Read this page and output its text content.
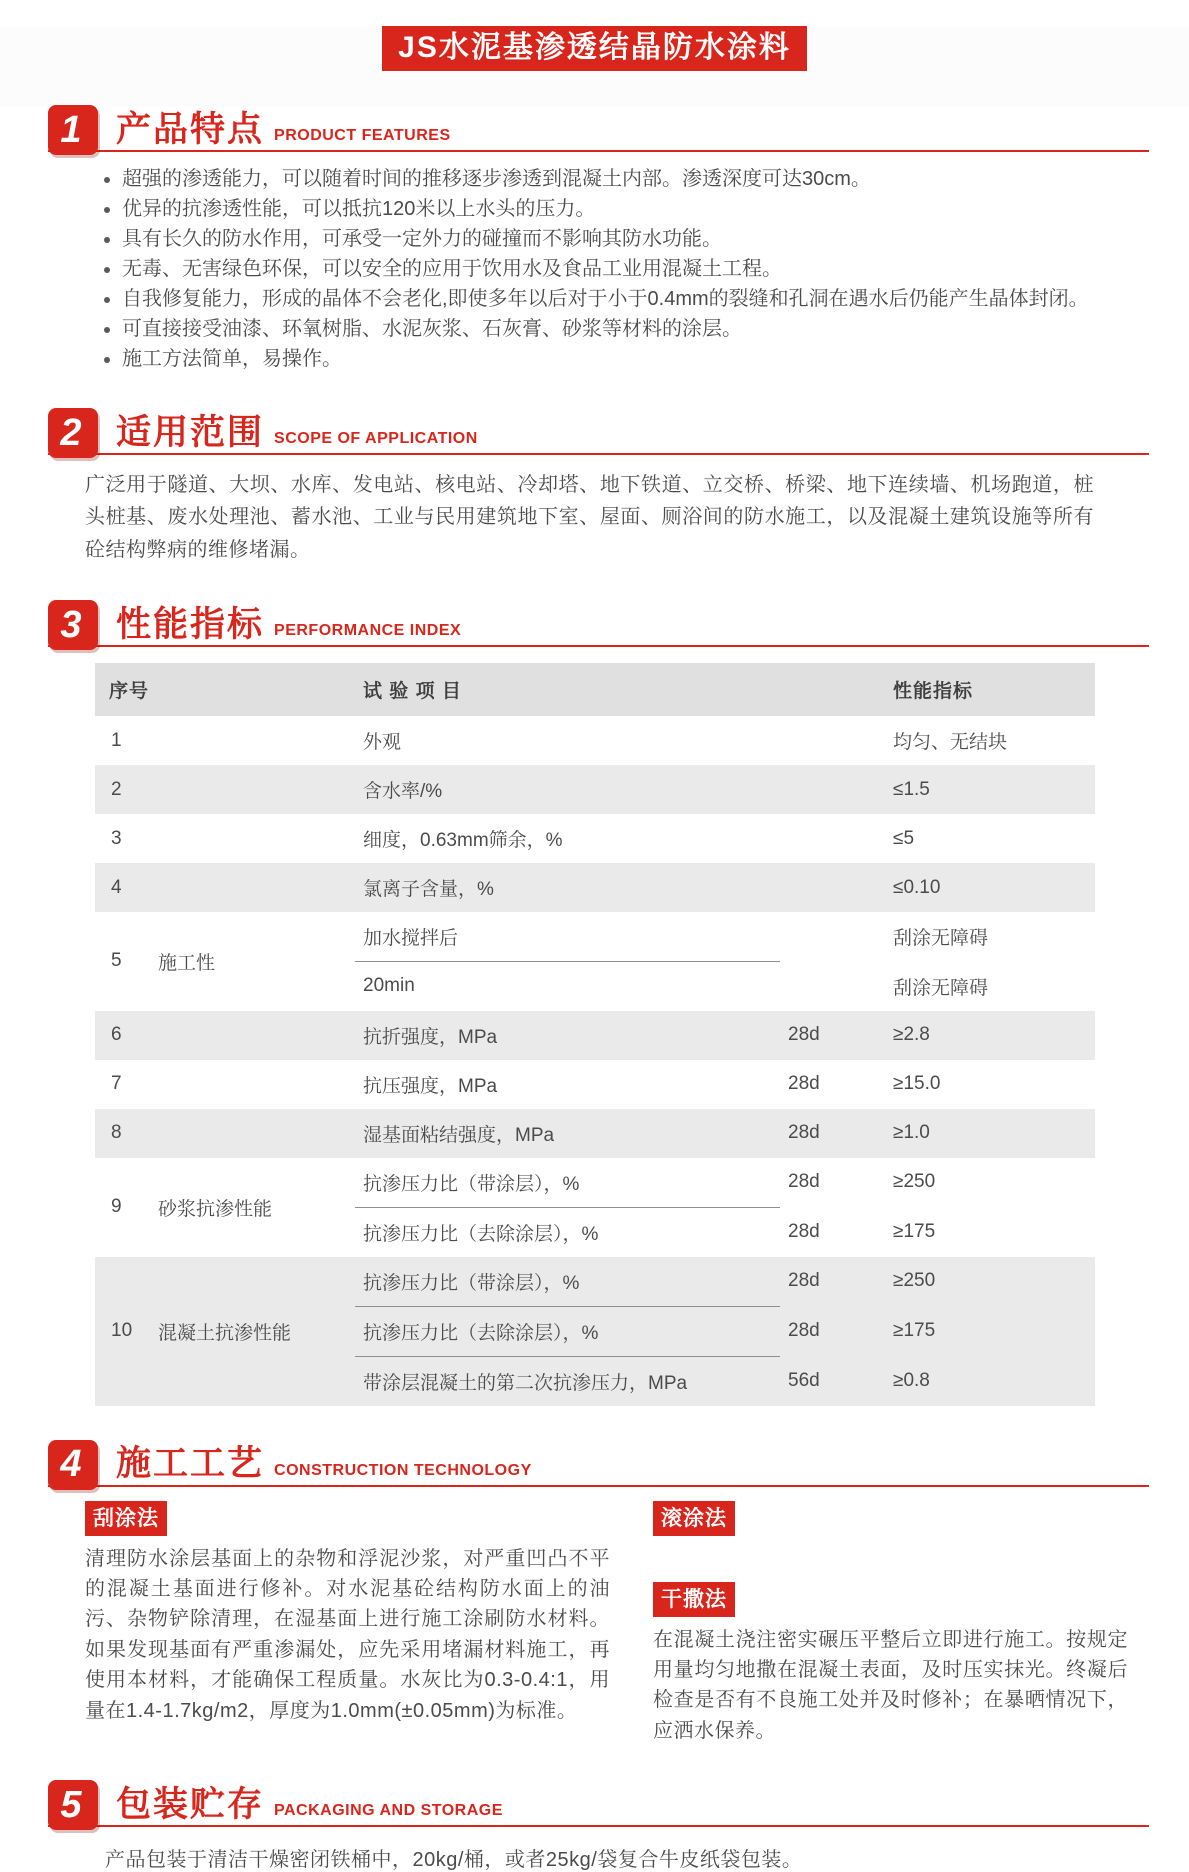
JS水泥基渗透结晶防水涂料
1 产品特点 PRODUCT FEATURES
超强的渗透能力，可以随着时间的推移逐步渗透到混凝土内部。渗透深度可达30cm。
优异的抗渗透性能，可以抵抗120米以上水头的压力。
具有长久的防水作用，可承受一定外力的碰撞而不影响其防水功能。
无毒、无害绿色环保，可以安全的应用于饮用水及食品工业用混凝土工程。
自我修复能力，形成的晶体不会老化,即使多年以后对于小于0.4mm的裂缝和孔洞在遇水后仍能产生晶体封闭。
可直接接受油漆、环氧树脂、水泥灰浆、石灰膏、砂浆等材料的涂层。
施工方法简单，易操作。
2 适用范围 SCOPE OF APPLICATION

广泛用于隧道、大坝、水库、发电站、核电站、冷却塔、地下铁道、立交桥、桥梁、地下连续墙、机场跑道，桩头桩基、废水处理池、蓄水池、工业与民用建筑地下室、屋面、厕浴间的防水施工，以及混凝土建筑设施等所有砼结构弊病的维修堵漏。

3 性能指标 PERFORMANCE INDEX
序号		试 验 项 目		性能指标
1		外观		均匀、无结块
2		含水率/%		≤1.5
3		细度，0.63mm筛余，%		≤5
4		氯离子含量，%		≤0.10
5	施工性	加水搅拌后		刮涂无障碍
		20min		刮涂无障碍
6		抗折强度，MPa	28d	≥2.8
7		抗压强度，MPa	28d	≥15.0
8		湿基面粘结强度，MPa	28d	≥1.0
9	砂浆抗渗性能	抗渗压力比（带涂层），%	28d	≥250
		抗渗压力比（去除涂层），%	28d	≥175
10	混凝土抗渗性能	抗渗压力比（带涂层），%	28d	≥250
		抗渗压力比（去除涂层），%	28d	≥175
		带涂层混凝土的第二次抗渗压力，MPa	56d	≥0.8
4 施工工艺 CONSTRUCTION TECHNOLOGY
刮涂法
清理防水涂层基面上的杂物和浮泥沙浆，对严重凹凸不平的混凝土基面进行修补。对水泥基砼结构防水面上的油污、杂物铲除清理，在湿基面上进行施工涂刷防水材料。如果发现基面有严重渗漏处，应先采用堵漏材料施工，再使用本材料，才能确保工程质量。水灰比为0.3-0.4:1，用量在1.4-1.7kg/m2，厚度为1.0mm(±0.05mm)为标准。
滚涂法
干撒法
在混凝土浇注密实碾压平整后立即进行施工。按规定用量均匀地撒在混凝土表面，及时压实抹光。终凝后检查是否有不良施工处并及时修补；在暴晒情况下，应洒水保养。
5 包装贮存 PACKAGING AND STORAGE

产品包装于清洁干燥密闭铁桶中，20kg/桶，或者25kg/袋复合牛皮纸袋包装。
